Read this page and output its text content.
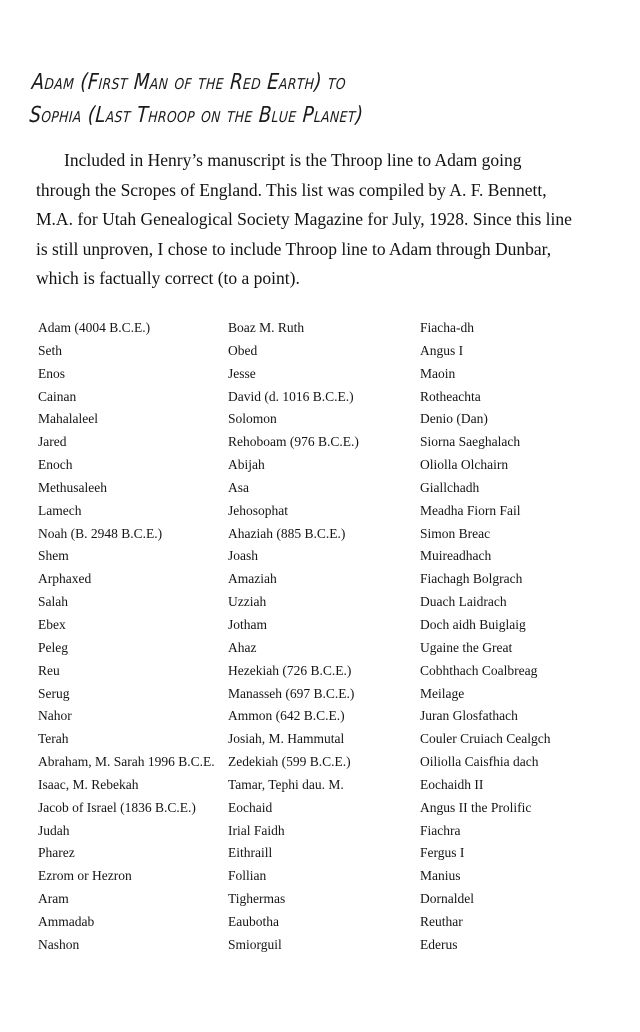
Adam (First Man of the Red Earth) to
Sophia (Last Throop on the Blue Planet)
Included in Henry’s manuscript is the Throop line to Adam going
through the Scropes of England. This list was compiled by A. F. Bennett,
M.A. for Utah Genealogical Society Magazine for July, 1928. Since this line
is still unproven, I chose to include Throop line to Adam through Dunbar,
which is factually correct (to a point).
Adam (4004 B.C.E.)
Seth
Enos
Cainan
Mahalaleel
Jared
Enoch
Methusaleeh
Lamech
Noah (B. 2948 B.C.E.)
Shem
Arphaxed
Salah
Ebex
Peleg
Reu
Serug
Nahor
Terah
Abraham, M. Sarah 1996 B.C.E.
Isaac, M. Rebekah
Jacob of Israel (1836 B.C.E.)
Judah
Pharez
Ezrom or Hezron
Aram
Ammadab
Nashon
Boaz M. Ruth
Obed
Jesse
David (d. 1016 B.C.E.)
Solomon
Rehoboam (976 B.C.E.)
Abijah
Asa
Jehosophat
Ahaziah (885 B.C.E.)
Joash
Amaziah
Uzziah
Jotham
Ahaz
Hezekiah (726 B.C.E.)
Manasseh (697 B.C.E.)
Ammon (642 B.C.E.)
Josiah, M. Hammutal
Zedekiah (599 B.C.E.)
Tamar, Tephi dau. M.
Eochaid
Irial Faidh
Eithraill
Follian
Tighermas
Eaubotha
Smiorguil
Fiacha-dh
Angus I
Maoin
Rotheachta
Denio (Dan)
Siorna Saeghalach
Oliolla Olchairn
Giallchadh
Meadha Fiorn Fail
Simon Breac
Muireadhach
Fiachagh Bolgrach
Duach Laidrach
Doch aidh Buiglaig
Ugaine the Great
Cobhthach Coalbreag
Meilage
Juran Glosfathach
Couler Cruiach Cealgch
Oiliolla Caisfhia dach
Eochaidh II
Angus II the Prolific
Fiachra
Fergus I
Manius
Dornaldel
Reuthar
Ederus
